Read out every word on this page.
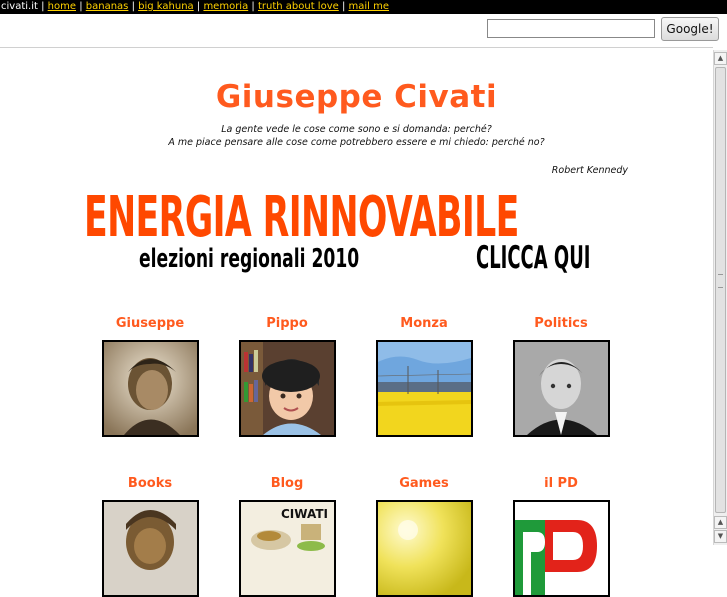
civati.it | home | bananas | big kahuna | memoria | truth about love | mail me
Google!
▲
▲
▼
Giuseppe Civati
La gente vede le cose come sono e si domanda: perché?
A me piace pensare alle cose come potrebbero essere e mi chiedo: perché no?
Robert Kennedy
ENERGIA RINNOVABILE
elezioni regionali 2010	CLICCA QUI
Giuseppe	Pippo	Monza	Politics
Books	Blog
CIWATI
Games	il PD
